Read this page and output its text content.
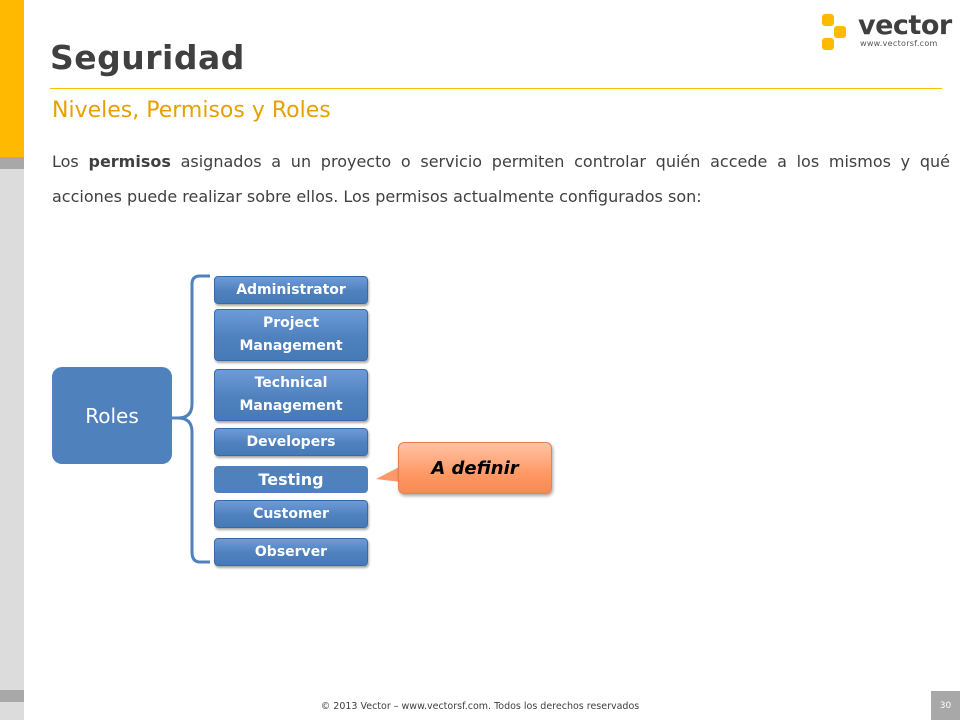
Seguridad
vector
www.vectorsf.com
Niveles, Permisos y Roles
Los permisos asignados a un proyecto o servicio permiten controlar quién accede a los mismos y qué acciones puede realizar sobre ellos. Los permisos actualmente configurados son:
Roles
Administrator
Project Management
Technical Management
Developers
Testing
Customer
Observer
A definir
© 2013 Vector – www.vectorsf.com. Todos los derechos reservados	30
